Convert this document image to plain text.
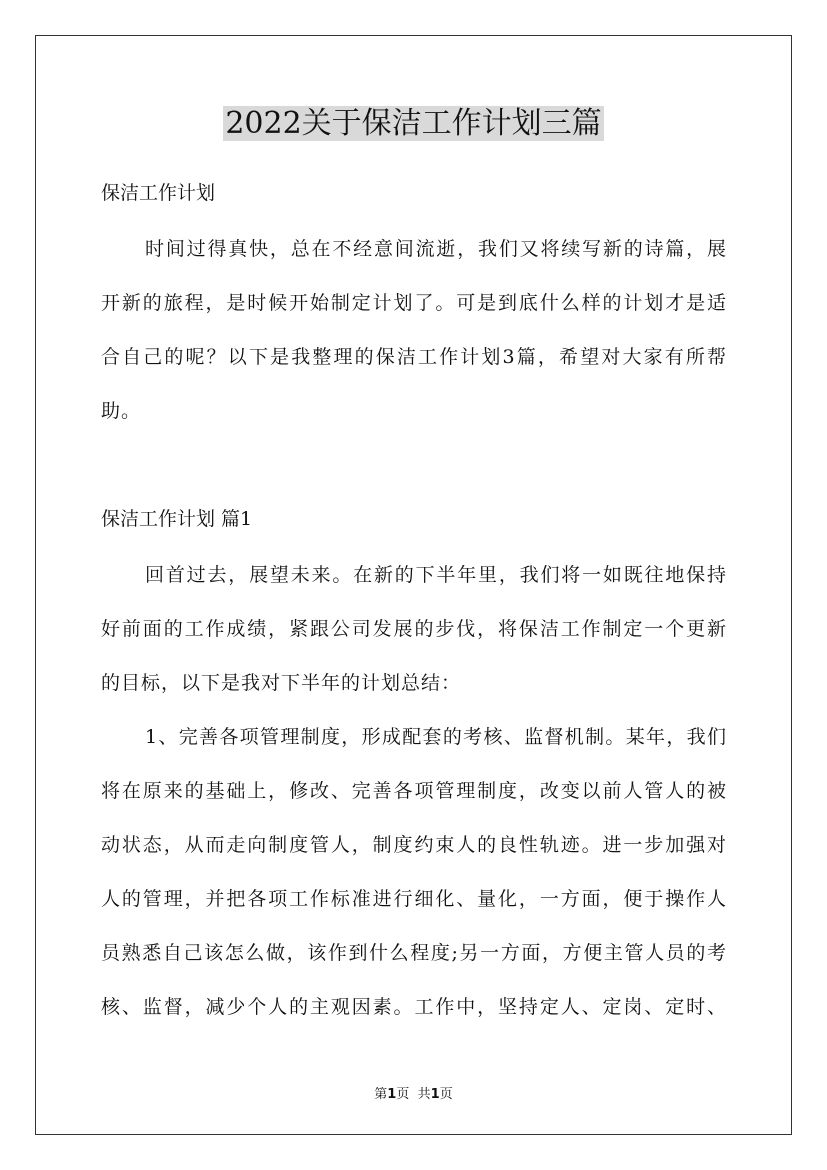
2022关于保洁工作计划三篇
保洁工作计划

时间过得真快，总在不经意间流逝，我们又将续写新的诗篇，展
开新的旅程，是时候开始制定计划了。可是到底什么样的计划才是适
合自己的呢？以下是我整理的保洁工作计划3篇，希望对大家有所帮
助。

保洁工作计划 篇1

回首过去，展望未来。在新的下半年里，我们将一如既往地保持
好前面的工作成绩，紧跟公司发展的步伐，将保洁工作制定一个更新
的目标，以下是我对下半年的计划总结：

1、完善各项管理制度，形成配套的考核、监督机制。某年，我们
将在原来的基础上，修改、完善各项管理制度，改变以前人管人的被
动状态，从而走向制度管人，制度约束人的良性轨迹。进一步加强对
人的管理，并把各项工作标准进行细化、量化，一方面，便于操作人
员熟悉自己该怎么做，该作到什么程度;另一方面，方便主管人员的考
核、监督，减少个人的主观因素。工作中，坚持定人、定岗、定时、

第1页 共1页
